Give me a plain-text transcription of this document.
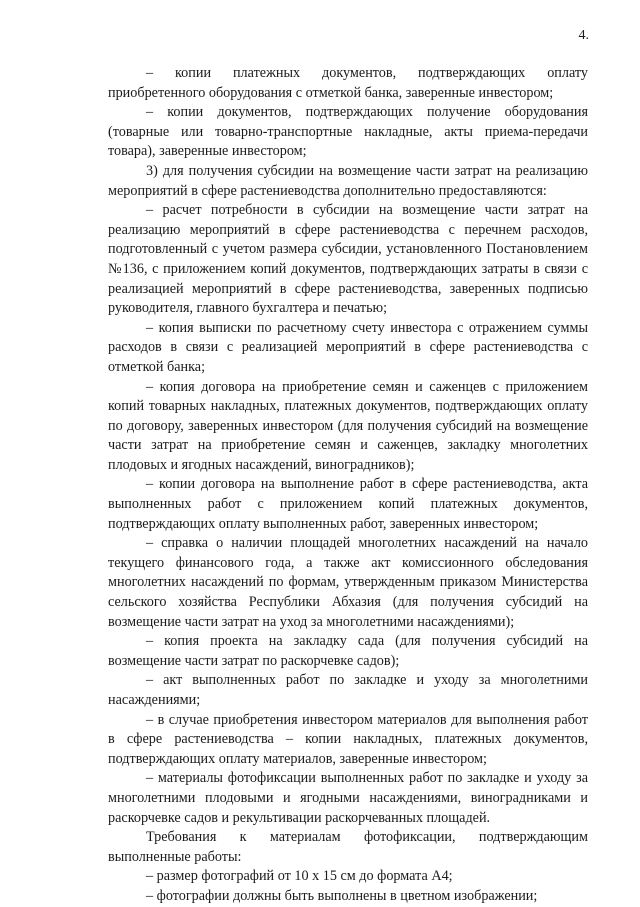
4.

– копии платежных документов, подтверждающих оплату приобретенного оборудования с отметкой банка, заверенные инвестором;

– копии документов, подтверждающих получение оборудования (товарные или товарно-транспортные накладные, акты приема-передачи товара), заверенные инвестором;

3) для получения субсидии на возмещение части затрат на реализацию мероприятий в сфере растениеводства дополнительно предоставляются:

– расчет потребности в субсидии на возмещение части затрат на реализацию мероприятий в сфере растениеводства с перечнем расходов, подготовленный с учетом размера субсидии, установленного Постановлением №136, с приложением копий документов, подтверждающих затраты в связи с реализацией мероприятий в сфере растениеводства, заверенных подписью руководителя, главного бухгалтера и печатью;

– копия выписки по расчетному счету инвестора с отражением суммы расходов в связи с реализацией мероприятий в сфере растениеводства с отметкой банка;

– копия договора на приобретение семян и саженцев с приложением копий товарных накладных, платежных документов, подтверждающих оплату по договору, заверенных инвестором (для получения субсидий на возмещение части затрат на приобретение семян и саженцев, закладку многолетних плодовых и ягодных насаждений, виноградников);

– копии договора на выполнение работ в сфере растениеводства, акта выполненных работ с приложением копий платежных документов, подтверждающих оплату выполненных работ, заверенных инвестором;

– справка о наличии площадей многолетних насаждений на начало текущего финансового года, а также акт комиссионного обследования многолетних насаждений по формам, утвержденным приказом Министерства сельского хозяйства Республики Абхазия (для получения субсидий на возмещение части затрат на уход за многолетними насаждениями);

– копия проекта на закладку сада (для получения субсидий на возмещение части затрат по раскорчевке садов);

– акт выполненных работ по закладке и уходу за многолетними насаждениями;

– в случае приобретения инвестором материалов для выполнения работ в сфере растениеводства – копии накладных, платежных документов, подтверждающих оплату материалов, заверенные инвестором;

– материалы фотофиксации выполненных работ по закладке и уходу за многолетними плодовыми и ягодными насаждениями, виноградниками и раскорчевке садов и рекультивации раскорчеванных площадей.

Требования к материалам фотофиксации, подтверждающим выполненные работы:

– размер фотографий от 10 х 15 см до формата А4;

– фотографии должны быть выполнены в цветном изображении;
